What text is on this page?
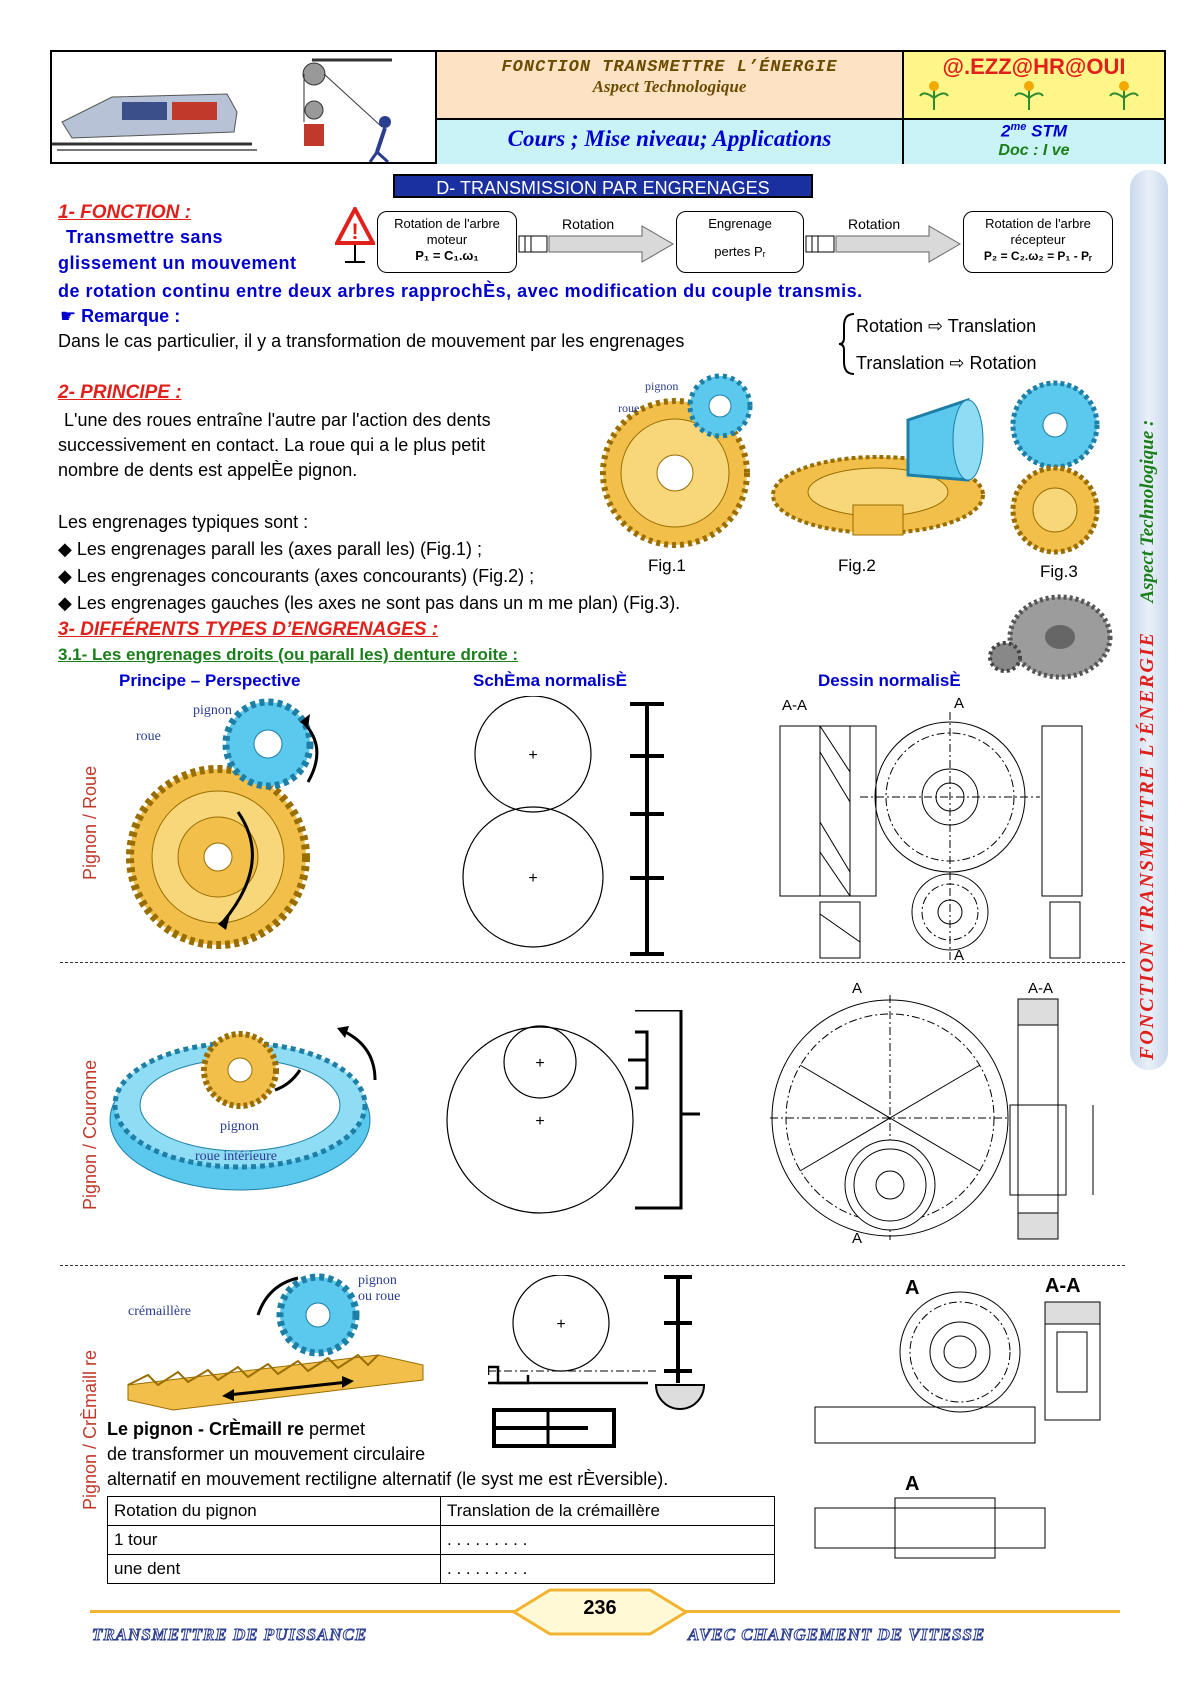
FONCTION TRANSMETTRE L’ÉNERGIE
Aspect Technologique
Cours ; Mise niveau; Applications
@.EZZ@HR@OUI
$2^{me}$ STM
Doc : I ve
FONCTION TRANSMETTRE L’ÉNERGIE Aspect Technologique :
D- TRANSMISSION PAR ENGRENAGES
1- FONCTION :
Transmettre sans
glissement un mouvement
de rotation continu entre deux arbres rapprochÈs, avec modification du couple transmis.
!	Rotation de l'arbre
moteur
P₁ = C₁.ω₁
Rotation	Engrenage
pertes Pᵣ
Rotation	Rotation de l'arbre
récepteur
P₂ = C₂.ω₂ = P₁ - Pᵣ
☛ Remarque :
Dans le cas particulier, il y a transformation de mouvement par les engrenages
Rotation ⇨ Translation
Translation ⇨ Rotation
2- PRINCIPE :
L'une des roues entraîne l'autre par l'action des dents
successivement en contact. La roue qui a le plus petit
nombre de dents est appelÈe pignon.
Les engrenages typiques sont :
◆ Les engrenages parall les (axes parall les) (Fig.1) ;
◆ Les engrenages concourants (axes concourants) (Fig.2) ;
◆ Les engrenages gauches (les axes ne sont pas dans un m me plan) (Fig.3).
pignon
roue
Fig.1	Fig.2	Fig.3
3- DIFFÉRENTS TYPES D’ENGRENAGES :
3.1- Les engrenages droits (ou parall les) denture droite :
Principe – Perspective	SchÈma normalisÈ	Dessin normalisÈ
Pignon / Roue
Pignon / Couronne
Pignon / CrÈmaill re
pignon
roue
+
+
A-A	A
A
pignon
roue intérieure
+
+
A
A
A-A
crémaillère
pignon
ou roue
+
A	A-A
A
Le pignon - CrÈmaill re permet
de transformer un mouvement circulaire
alternatif en mouvement rectiligne alternatif (le syst me est rÈversible).
Rotation du pignon	Translation de la crémaillère
1 tour	. . . . . . . . .
une dent	. . . . . . . . .
236
TRANSMETTRE DE PUISSANCE	AVEC CHANGEMENT DE VITESSE
